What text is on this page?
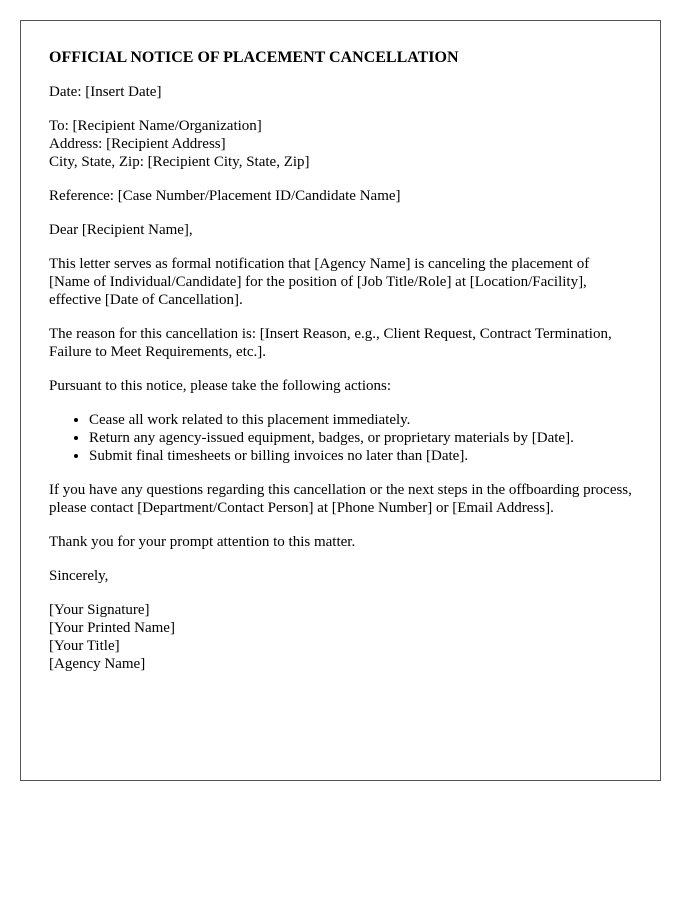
OFFICIAL NOTICE OF PLACEMENT CANCELLATION
Date: [Insert Date]
To: [Recipient Name/Organization]
Address: [Recipient Address]
City, State, Zip: [Recipient City, State, Zip]
Reference: [Case Number/Placement ID/Candidate Name]
Dear [Recipient Name],
This letter serves as formal notification that [Agency Name] is canceling the placement of [Name of Individual/Candidate] for the position of [Job Title/Role] at [Location/Facility], effective [Date of Cancellation].
The reason for this cancellation is: [Insert Reason, e.g., Client Request, Contract Termination, Failure to Meet Requirements, etc.].
Pursuant to this notice, please take the following actions:
• Cease all work related to this placement immediately.
• Return any agency-issued equipment, badges, or proprietary materials by [Date].
• Submit final timesheets or billing invoices no later than [Date].
If you have any questions regarding this cancellation or the next steps in the offboarding process, please contact [Department/Contact Person] at [Phone Number] or [Email Address].
Thank you for your prompt attention to this matter.
Sincerely,
[Your Signature]
[Your Printed Name]
[Your Title]
[Agency Name]
